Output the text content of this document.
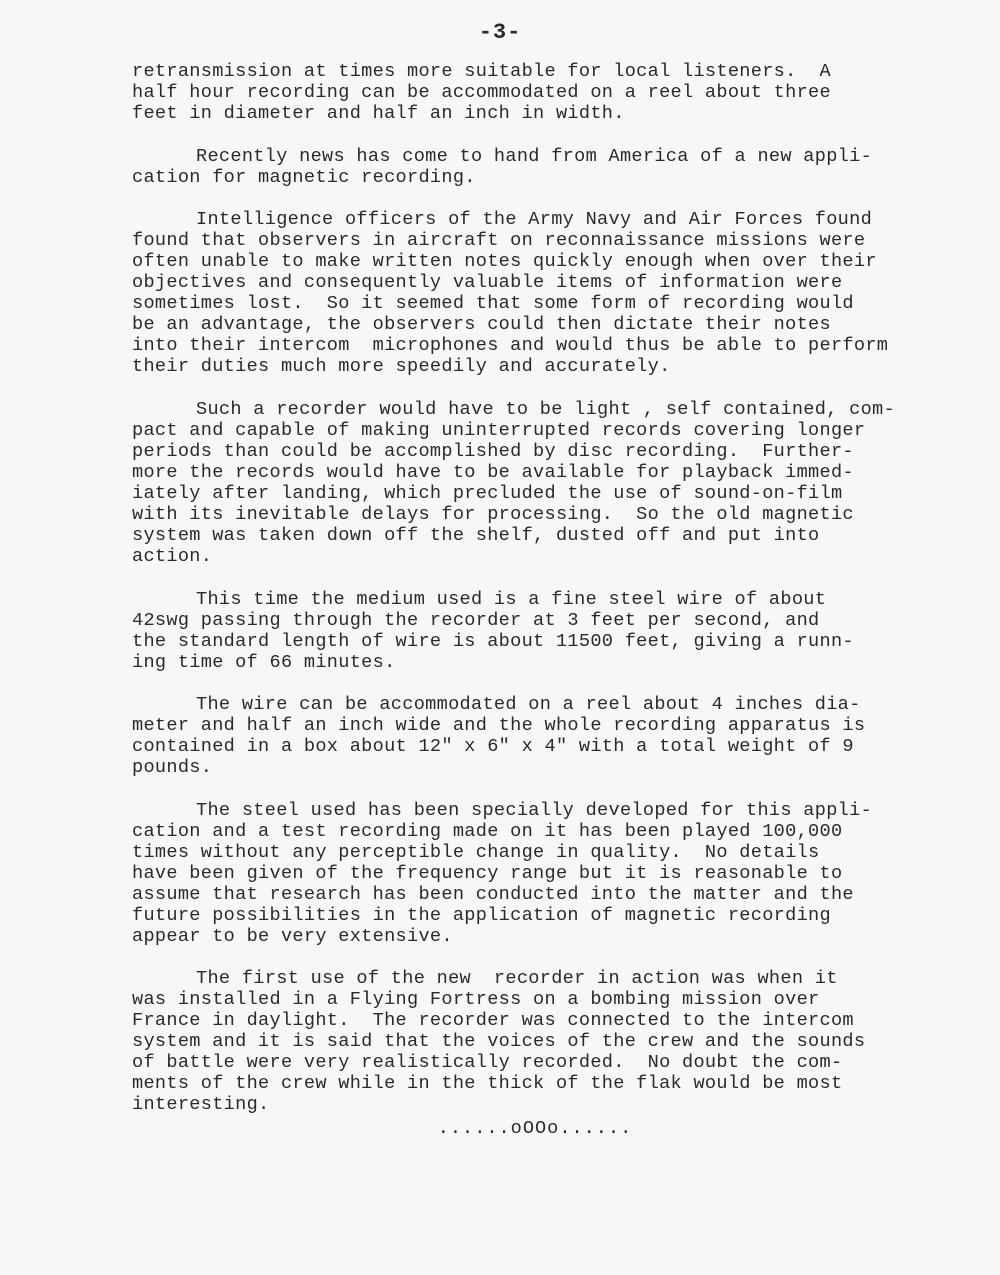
-3-
retransmission at times more suitable for local listeners.  A
half hour recording can be accommodated on a reel about three
feet in diameter and half an inch in width.
Recently news has come to hand from America of a new appli-
cation for magnetic recording.
Intelligence officers of the Army Navy and Air Forces found
found that observers in aircraft on reconnaissance missions were
often unable to make written notes quickly enough when over their
objectives and consequently valuable items of information were
sometimes lost.  So it seemed that some form of recording would
be an advantage, the observers could then dictate their notes
into their intercom  microphones and would thus be able to perform
their duties much more speedily and accurately.
Such a recorder would have to be light , self contained, com-
pact and capable of making uninterrupted records covering longer
periods than could be accomplished by disc recording.  Further-
more the records would have to be available for playback immed-
iately after landing, which precluded the use of sound-on-film
with its inevitable delays for processing.  So the old magnetic
system was taken down off the shelf, dusted off and put into
action.
This time the medium used is a fine steel wire of about
42swg passing through the recorder at 3 feet per second, and
the standard length of wire is about 11500 feet, giving a runn-
ing time of 66 minutes.
The wire can be accommodated on a reel about 4 inches dia-
meter and half an inch wide and the whole recording apparatus is
contained in a box about 12" x 6" x 4" with a total weight of 9
pounds.
The steel used has been specially developed for this appli-
cation and a test recording made on it has been played 100,000
times without any perceptible change in quality.  No details
have been given of the frequency range but it is reasonable to
assume that research has been conducted into the matter and the
future possibilities in the application of magnetic recording
appear to be very extensive.
The first use of the new  recorder in action was when it
was installed in a Flying Fortress on a bombing mission over
France in daylight.  The recorder was connected to the intercom
system and it is said that the voices of the crew and the sounds
of battle were very realistically recorded.  No doubt the com-
ments of the crew while in the thick of the flak would be most
interesting.
......oOOo......
